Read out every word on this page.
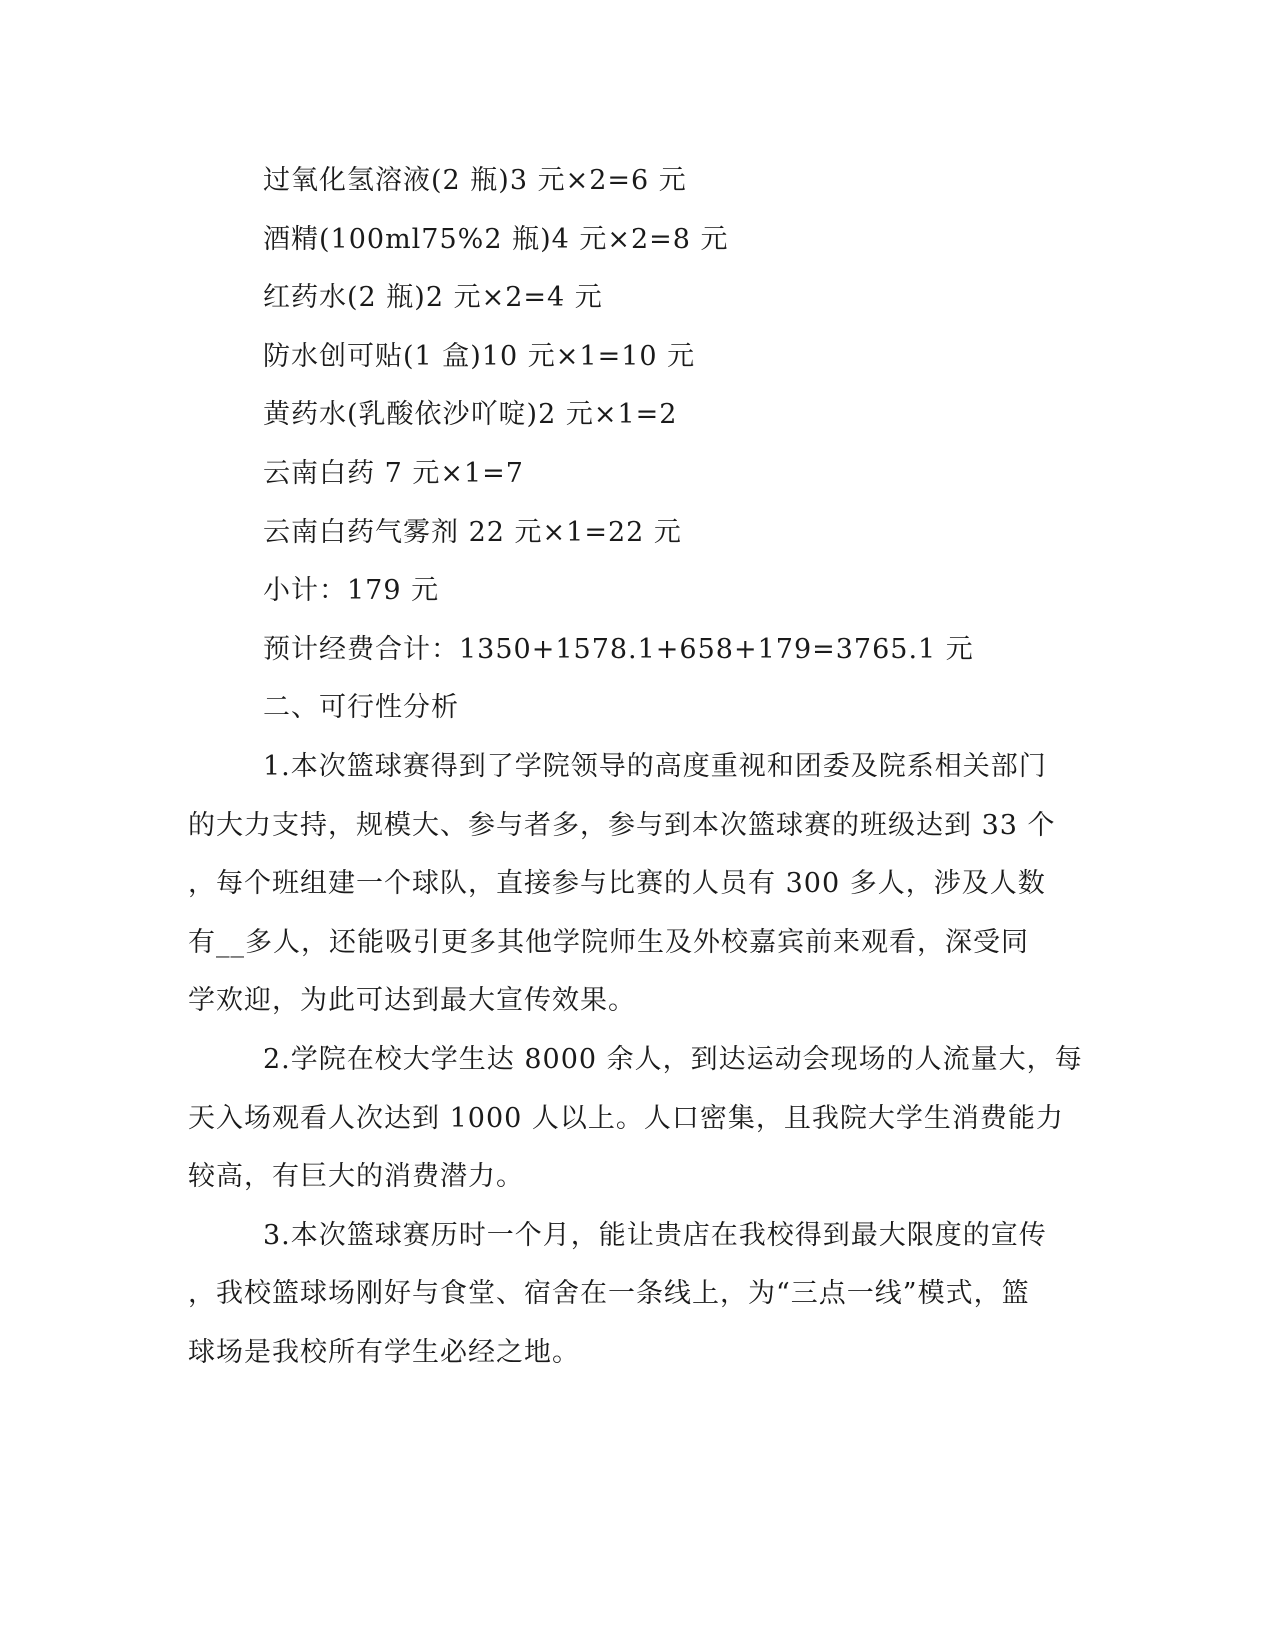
过氧化氢溶液(2 瓶)3 元×2=6 元
酒精(100ml75%2 瓶)4 元×2=8 元
红药水(2 瓶)2 元×2=4 元
防水创可贴(1 盒)10 元×1=10 元
黄药水(乳酸依沙吖啶)2 元×1=2
云南白药 7 元×1=7
云南白药气雾剂 22 元×1=22 元
小计：179 元
预计经费合计：1350+1578.1+658+179=3765.1 元
二、可行性分析
1.本次篮球赛得到了学院领导的高度重视和团委及院系相关部门
的大力支持，规模大、参与者多，参与到本次篮球赛的班级达到 33 个
，每个班组建一个球队，直接参与比赛的人员有 300 多人，涉及人数
有__多人，还能吸引更多其他学院师生及外校嘉宾前来观看，深受同
学欢迎，为此可达到最大宣传效果。
2.学院在校大学生达 8000 余人，到达运动会现场的人流量大，每
天入场观看人次达到 1000 人以上。人口密集，且我院大学生消费能力
较高，有巨大的消费潜力。
3.本次篮球赛历时一个月，能让贵店在我校得到最大限度的宣传
，我校篮球场刚好与食堂、宿舍在一条线上，为“三点一线”模式，篮
球场是我校所有学生必经之地。
